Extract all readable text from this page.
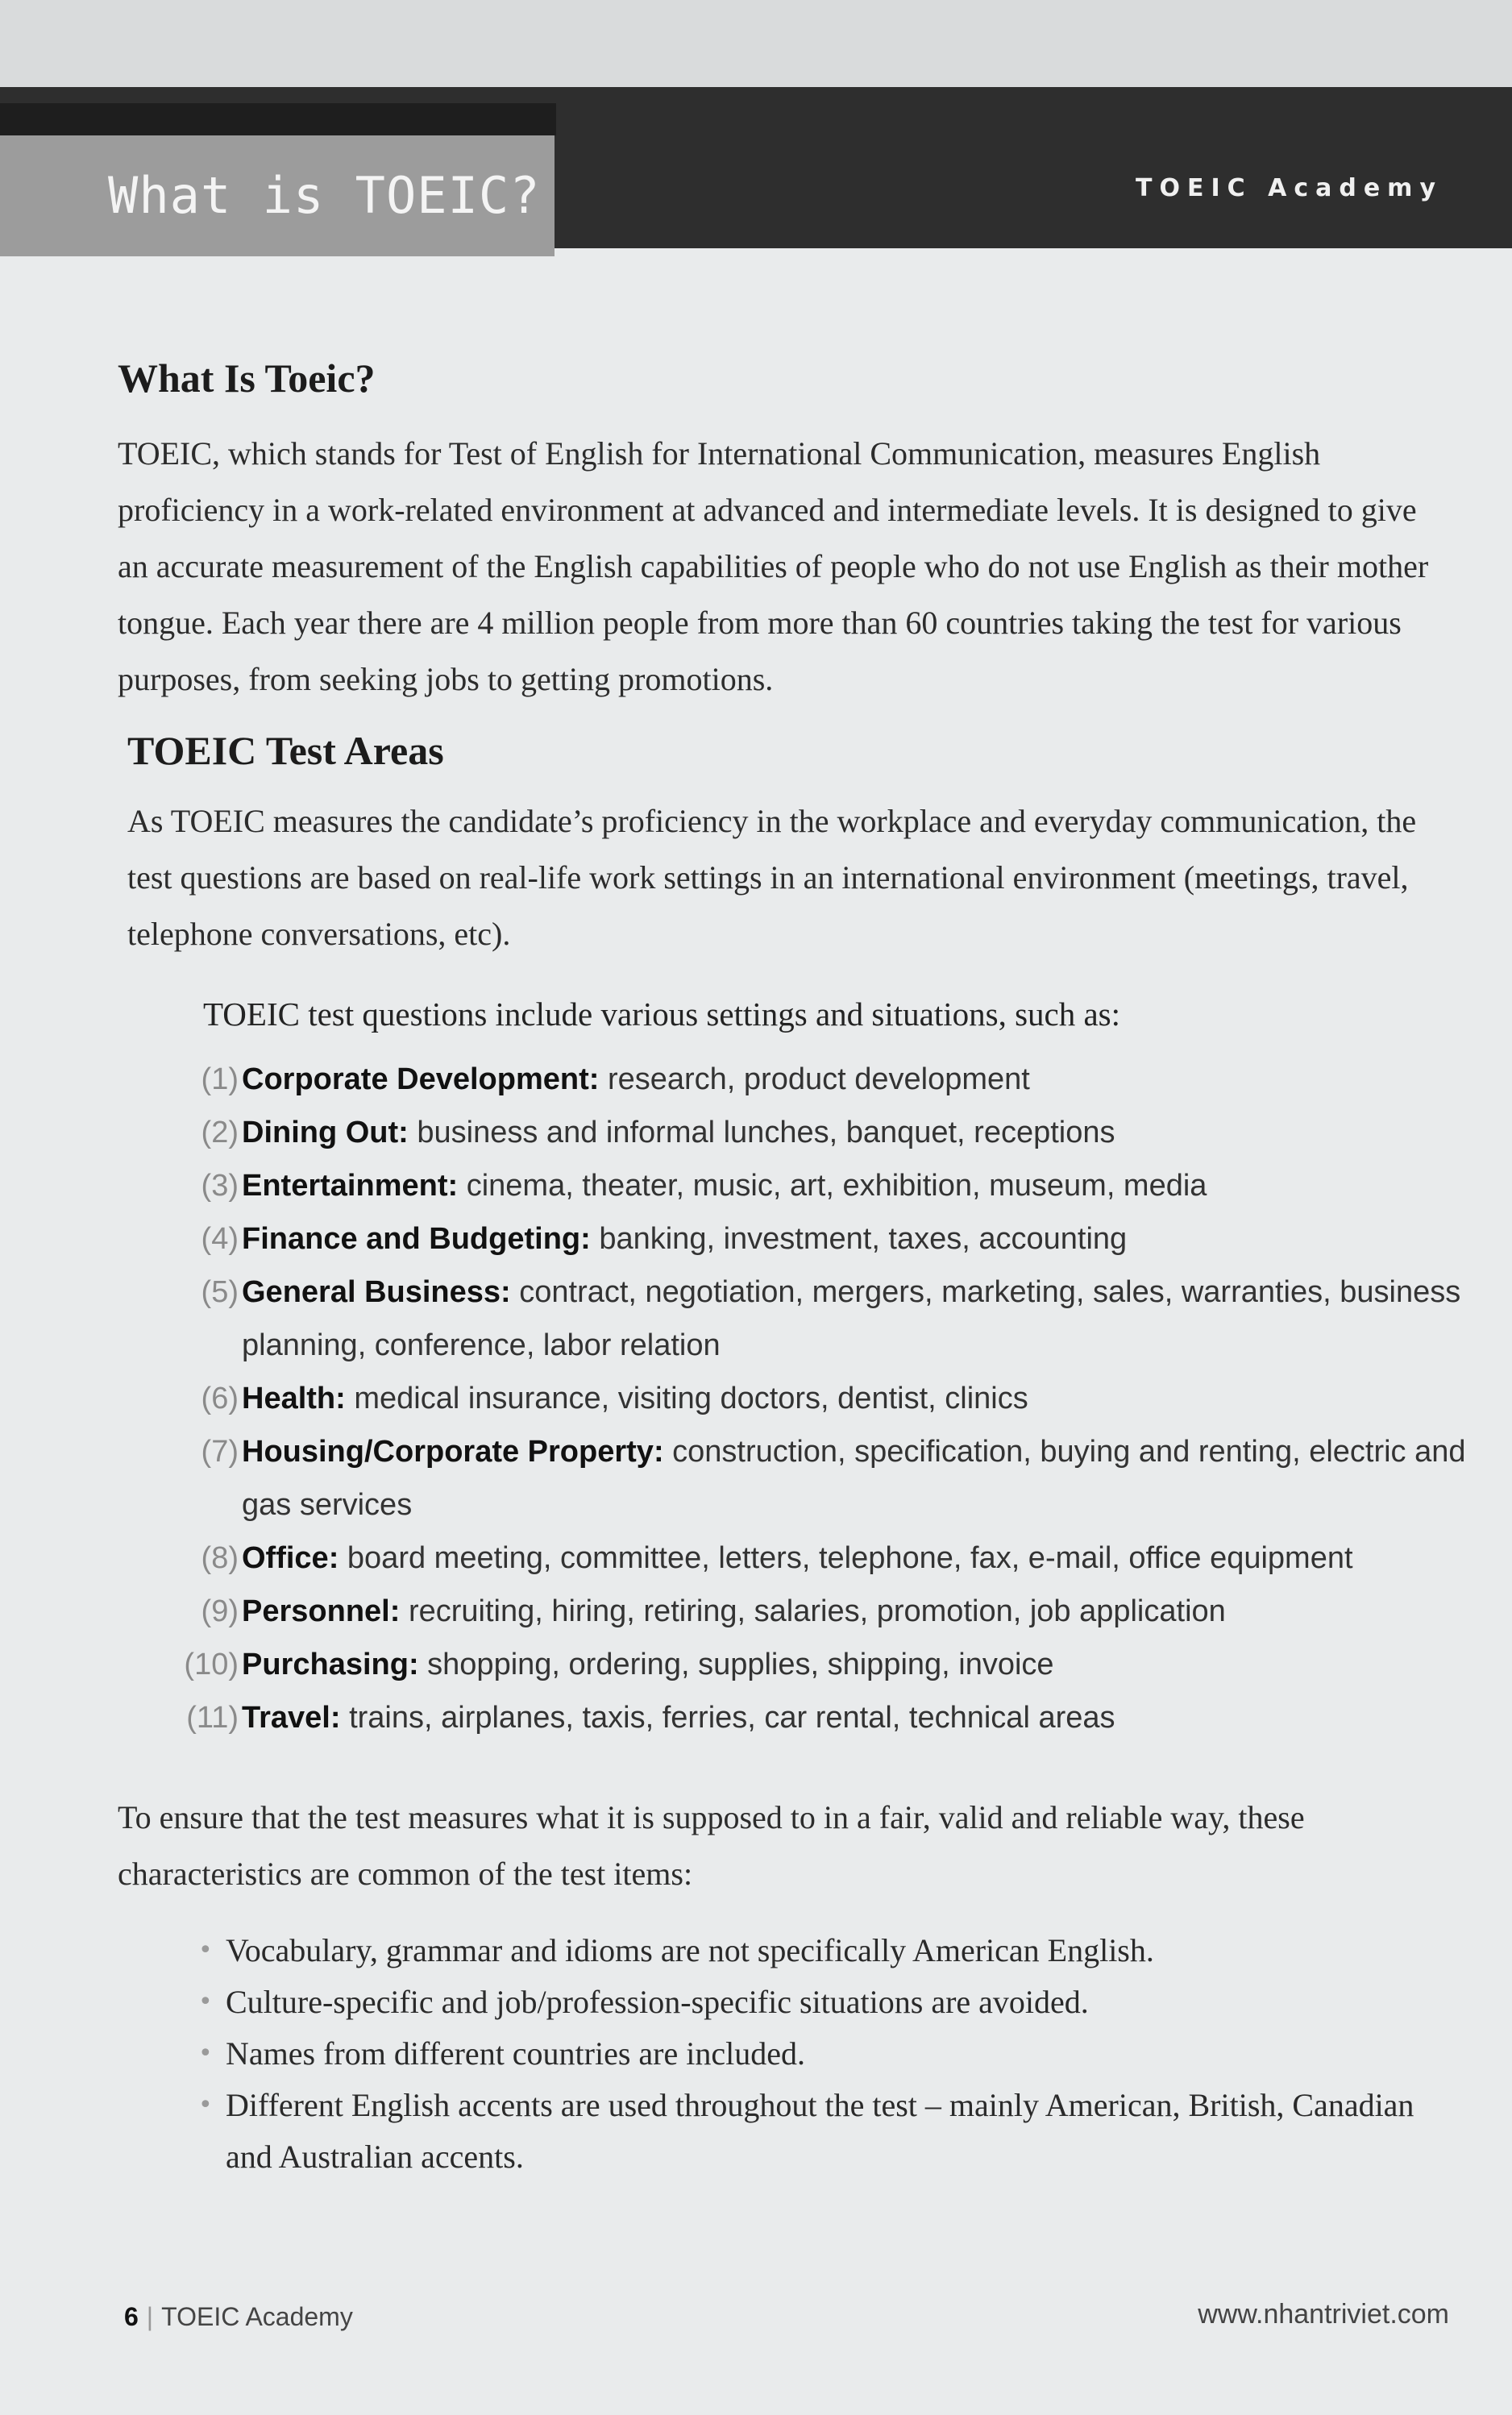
What is TOEIC?	TOEIC Academy
What Is Toeic?

TOEIC, which stands for Test of English for International Communication, measures English proficiency in a work-related environment at advanced and intermediate levels. It is designed to give an accurate measurement of the English capabilities of people who do not use English as their mother tongue. Each year there are 4 million people from more than 60 countries taking the test for various purposes, from seeking jobs to getting promotions.

TOEIC Test Areas

As TOEIC measures the candidate’s proficiency in the workplace and everyday communication, the test questions are based on real-life work settings in an international environment (meetings, travel, telephone conversations, etc).

TOEIC test questions include various settings and situations, such as:
(1) Corporate Development: research, product development
(2) Dining Out: business and informal lunches, banquet, receptions
(3) Entertainment: cinema, theater, music, art, exhibition, museum, media
(4) Finance and Budgeting: banking, investment, taxes, accounting
(5) General Business: contract, negotiation, mergers, marketing, sales, warranties, business
planning, conference, labor relation
(6) Health: medical insurance, visiting doctors, dentist, clinics
(7) Housing/Corporate Property: construction, specification, buying and renting, electric and
gas services
(8) Office: board meeting, committee, letters, telephone, fax, e-mail, office equipment
(9) Personnel: recruiting, hiring, retiring, salaries, promotion, job application
(10) Purchasing: shopping, ordering, supplies, shipping, invoice
(11) Travel: trains, airplanes, taxis, ferries, car rental, technical areas

To ensure that the test measures what it is supposed to in a fair, valid and reliable way, these characteristics are common of the test items:

• Vocabulary, grammar and idioms are not specifically American English.
• Culture-specific and job/profession-specific situations are avoided.
• Names from different countries are included.
• Different English accents are used throughout the test – mainly American, British, Canadian and Australian accents.
6 | TOEIC Academy	www.nhantriviet.com
